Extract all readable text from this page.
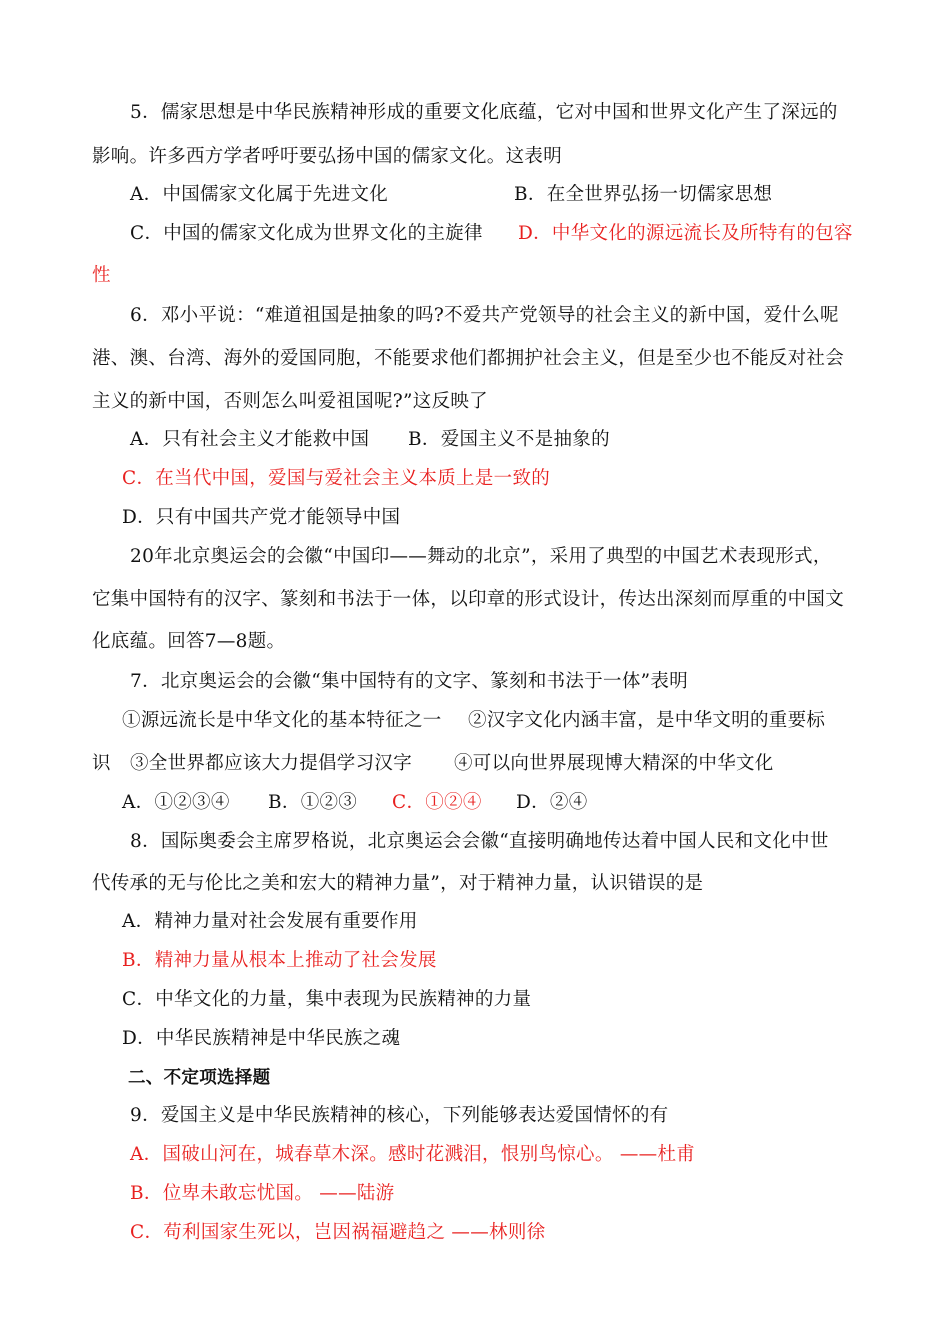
5．儒家思想是中华民族精神形成的重要文化底蕴，它对中国和世界文化产生了深远的
影响。许多西方学者呼吁要弘扬中国的儒家文化。这表明
A．中国儒家文化属于先进文化	B．在全世界弘扬一切儒家思想
C．中国的儒家文化成为世界文化的主旋律 D．中华文化的源远流长及所特有的包容
性
6．邓小平说：“难道祖国是抽象的吗?不爱共产党领导的社会主义的新中国，爱什么呢
港、澳、台湾、海外的爱国同胞，不能要求他们都拥护社会主义，但是至少也不能反对社会
主义的新中国，否则怎么叫爱祖国呢?”这反映了
A．只有社会主义才能救中国 B．爱国主义不是抽象的
C．在当代中国，爱国与爱社会主义本质上是一致的
D．只有中国共产党才能领导中国
20年北京奥运会的会徽“中国印——舞动的北京”，采用了典型的中国艺术表现形式，
它集中国特有的汉字、篆刻和书法于一体，以印章的形式设计，传达出深刻而厚重的中国文
化底蕴。回答7—8题。
7．北京奥运会的会徽“集中国特有的文字、篆刻和书法于一体”表明
①源远流长是中华文化的基本特征之一 ②汉字文化内涵丰富，是中华文明的重要标
识 ③全世界都应该大力提倡学习汉字 ④可以向世界展现博大精深的中华文化
A．①②③④ B．①②③ C．①②④ D．②④
8．国际奥委会主席罗格说，北京奥运会会徽“直接明确地传达着中国人民和文化中世
代传承的无与伦比之美和宏大的精神力量”，对于精神力量，认识错误的是
A．精神力量对社会发展有重要作用
B．精神力量从根本上推动了社会发展
C．中华文化的力量，集中表现为民族精神的力量
D．中华民族精神是中华民族之魂
二、不定项选择题
9．爱国主义是中华民族精神的核心，下列能够表达爱国情怀的有
A．国破山河在，城春草木深。感时花溅泪，恨别鸟惊心。 ——杜甫
B．位卑未敢忘忧国。 ——陆游
C．苟利国家生死以，岂因祸福避趋之 ——林则徐
